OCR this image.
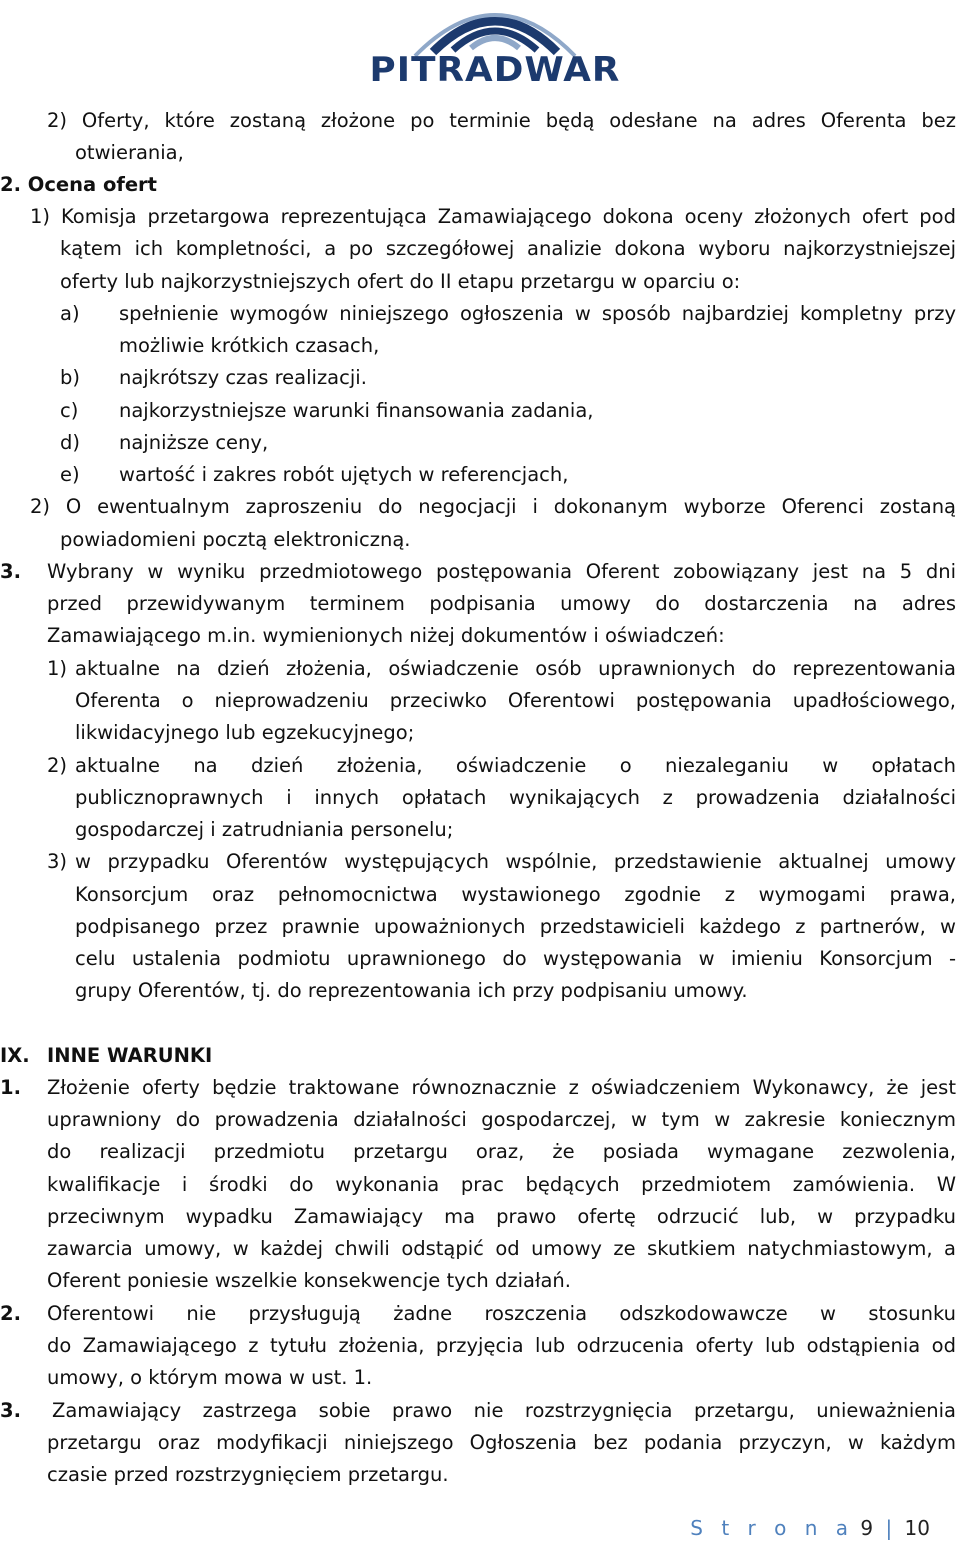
PITRADWAR
2) Oferty, które zostaną złożone po terminie będą odesłane na adres Oferenta bez
otwierania,
2. Ocena ofert
1) Komisja przetargowa reprezentująca Zamawiającego dokona oceny złożonych ofert pod
kątem ich kompletności, a po szczegółowej analizie dokona wyboru najkorzystniejszej
oferty lub najkorzystniejszych ofert do II etapu przetargu w oparciu o:
a) spełnienie wymogów niniejszego ogłoszenia w sposób najbardziej kompletny przy
możliwie krótkich czasach,
b) najkrótszy czas realizacji.
c) najkorzystniejsze warunki finansowania zadania,
d) najniższe ceny,
e) wartość i zakres robót ujętych w referencjach,
2) O ewentualnym zaproszeniu do negocjacji i dokonanym wyborze Oferenci zostaną
powiadomieni pocztą elektroniczną.
3. Wybrany w wyniku przedmiotowego postępowania Oferent zobowiązany jest na 5 dni
przed przewidywanym terminem podpisania umowy do dostarczenia na adres
Zamawiającego m.in. wymienionych niżej dokumentów i oświadczeń:
1) aktualne na dzień złożenia, oświadczenie osób uprawnionych do reprezentowania
Oferenta o nieprowadzeniu przeciwko Oferentowi postępowania upadłościowego,
likwidacyjnego lub egzekucyjnego;
2) aktualne na dzień złożenia, oświadczenie o niezaleganiu w opłatach
publicznoprawnych i innych opłatach wynikających z prowadzenia działalności
gospodarczej i zatrudniania personelu;
3) w przypadku Oferentów występujących wspólnie, przedstawienie aktualnej umowy
Konsorcjum oraz pełnomocnictwa wystawionego zgodnie z wymogami prawa,
podpisanego przez prawnie upoważnionych przedstawicieli każdego z partnerów, w
celu ustalenia podmiotu uprawnionego do występowania w imieniu Konsorcjum -
grupy Oferentów, tj. do reprezentowania ich przy podpisaniu umowy.
IX. INNE WARUNKI
1. Złożenie oferty będzie traktowane równoznacznie z oświadczeniem Wykonawcy, że jest
uprawniony do prowadzenia działalności gospodarczej, w tym w zakresie koniecznym
do realizacji przedmiotu przetargu oraz, że posiada wymagane zezwolenia,
kwalifikacje i środki do wykonania prac będących przedmiotem zamówienia. W
przeciwnym wypadku Zamawiający ma prawo ofertę odrzucić lub, w przypadku
zawarcia umowy, w każdej chwili odstąpić od umowy ze skutkiem natychmiastowym, a
Oferent poniesie wszelkie konsekwencje tych działań.
2. Oferentowi nie przysługują żadne roszczenia odszkodowawcze w stosunku
do Zamawiającego z tytułu złożenia, przyjęcia lub odrzucenia oferty lub odstąpienia od
umowy, o którym mowa w ust. 1.
3. Zamawiający zastrzega sobie prawo nie rozstrzygnięcia przetargu, unieważnienia
przetargu oraz modyfikacji niniejszego Ogłoszenia bez podania przyczyn, w każdym
czasie przed rozstrzygnięciem przetargu.
S t r o n a 9 | 10
